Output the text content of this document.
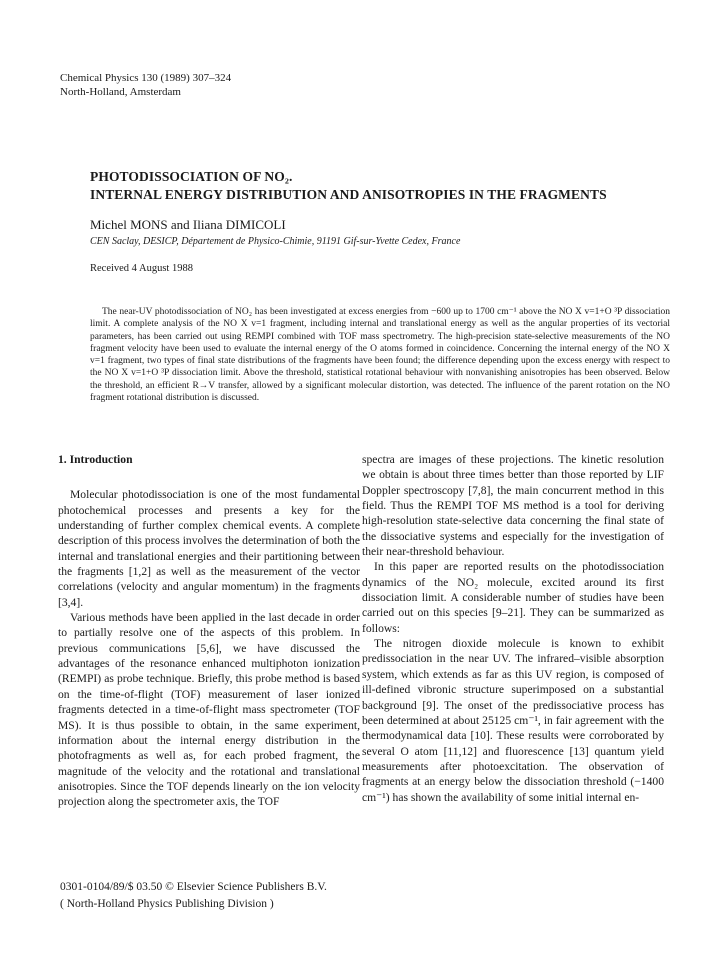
Chemical Physics 130 (1989) 307–324
North-Holland, Amsterdam
PHOTODISSOCIATION OF NO₂.
INTERNAL ENERGY DISTRIBUTION AND ANISOTROPIES IN THE FRAGMENTS
Michel MONS and Iliana DIMICOLI
CEN Saclay, DESICP, Département de Physico-Chimie, 91191 Gif-sur-Yvette Cedex, France
Received 4 August 1988
The near-UV photodissociation of NO₂ has been investigated at excess energies from −600 up to 1700 cm⁻¹ above the NO X v=1+O ³P dissociation limit. A complete analysis of the NO X v=1 fragment, including internal and translational energy as well as the angular properties of its vectorial parameters, has been carried out using REMPI combined with TOF mass spectrometry. The high-precision state-selective measurements of the NO fragment velocity have been used to evaluate the internal energy of the O atoms formed in coincidence. Concerning the internal energy of the NO X v=1 fragment, two types of final state distributions of the fragments have been found; the difference depending upon the excess energy with respect to the NO X v=1+O ³P dissociation limit. Above the threshold, statistical rotational behaviour with nonvanishing anisotropies has been observed. Below the threshold, an efficient R→V transfer, allowed by a significant molecular distortion, was detected. The influence of the parent rotation on the NO fragment rotational distribution is discussed.
1. Introduction

Molecular photodissociation is one of the most fundamental photochemical processes and presents a key for the understanding of further complex chemical events. A complete description of this process involves the determination of both the internal and translational energies and their partitioning between the fragments [1,2] as well as the measurement of the vector correlations (velocity and angular momentum) in the fragments [3,4].

Various methods have been applied in the last decade in order to partially resolve one of the aspects of this problem. In previous communications [5,6], we have discussed the advantages of the resonance enhanced multiphoton ionization (REMPI) as probe technique. Briefly, this probe method is based on the time-of-flight (TOF) measurement of laser ionized fragments detected in a time-of-flight mass spectrometer (TOF MS). It is thus possible to obtain, in the same experiment, information about the internal energy distribution in the photofragments as well as, for each probed fragment, the magnitude of the velocity and the rotational and translational anisotropies. Since the TOF depends linearly on the ion velocity projection along the spectrometer axis, the TOF

spectra are images of these projections. The kinetic resolution we obtain is about three times better than those reported by LIF Doppler spectroscopy [7,8], the main concurrent method in this field. Thus the REMPI TOF MS method is a tool for deriving high-resolution state-selective data concerning the final state of the dissociative systems and especially for the investigation of their near-threshold behaviour.

In this paper are reported results on the photodissociation dynamics of the NO₂ molecule, excited around its first dissociation limit. A considerable number of studies have been carried out on this species [9–21]. They can be summarized as follows:

The nitrogen dioxide molecule is known to exhibit predissociation in the near UV. The infrared–visible absorption system, which extends as far as this UV region, is composed of ill-defined vibronic structure superimposed on a substantial background [9]. The onset of the predissociative process has been determined at about 25125 cm⁻¹, in fair agreement with the thermodynamical data [10]. These results were corroborated by several O atom [11,12] and fluorescence [13] quantum yield measurements after photoexcitation. The observation of fragments at an energy below the dissociation threshold (−1400 cm⁻¹) has shown the availability of some initial internal en-

0301-0104/89/$ 03.50 © Elsevier Science Publishers B.V.
( North-Holland Physics Publishing Division )
